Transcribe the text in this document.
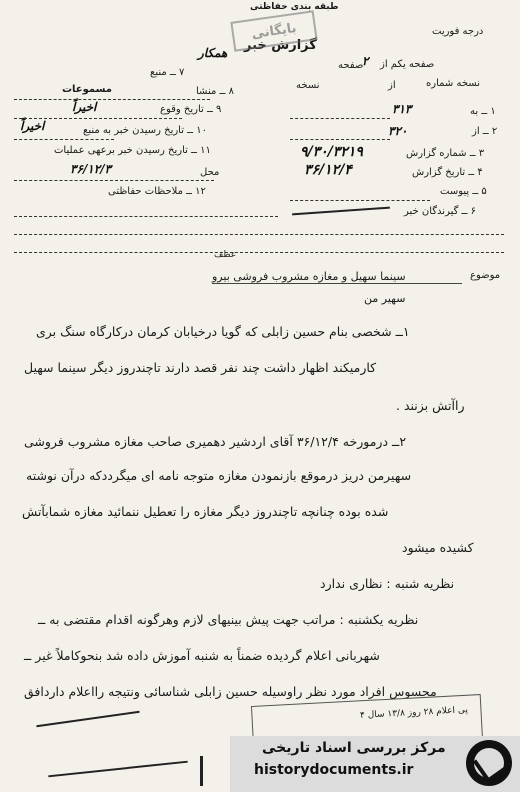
طبقه بندی حفاظتی
گزارش خبر
درجه فوریت
بایگانی
۷ ــ منبع
همکار
۸ ــ منشا
مسموعات
۹ ــ تاریخ وقوع
اخیراً
۱۰ ــ تاریخ رسیدن خبر به منبع
اخیراً
۱۱ ــ تاریخ رسیدن خبر برعهی عملیات
محل
۳۶/۱۲/۳
۱۲ ــ ملاحظات حفاظتی
صفحه یکم از
صفحه
۲
نسخه شماره
از
نسخه
۱ ــ به
۳۱۳
۲ ــ از
۳۲۰
۳ ــ شماره گزارش
۹/۳۰/۳۲۱۹
۴ ــ تاریخ گزارش
۳۶/۱۲/۴
۵ ــ پیوست
۶ ــ گیرندگان خبر
موضوع
عطف
سینما سهیل و مغازه مشروب فروشی بیرو
سهیر من
۱ــ شخصی بنام حسین زابلی که گویا درخیابان کرمان درکارگاه سنگ بری
کارمیکند اظهار داشت چند نفر قصد دارند تاچندروز دیگر سینما سهیل
راآتش بزنند .
۲ــ درمورخه ۳۶/۱۲/۴ آقای اردشیر دهمیری صاحب مغازه مشروب فروشی
سهیرمن دریز درموقع بازنمودن مغازه متوجه نامه ای میگرددکه درآن نوشته
شده بوده چنانچه تاچندروز دیگر مغازه را تعطیل ننمائید مغازه شمابآتش
کشیده میشود
نظریه شنبه : نظاری ندارد
نظریه یکشنبه : مراتب جهت پیش بینیهای لازم وهرگونه اقدام مقتضی به ــ
شهربانی اعلام گردیده ضمناً به شنبه آموزش داده شد بنحوکاملاً غیر ــ
محسوس افراد مورد نظر راوسیله حسین زابلی شناسائی ونتیجه رااعلام داردافق
پی اعلام ۲۸ روز ۱۳/۸ سال ۴
مرکز بررسی اسناد تاریخی
historydocuments.ir
